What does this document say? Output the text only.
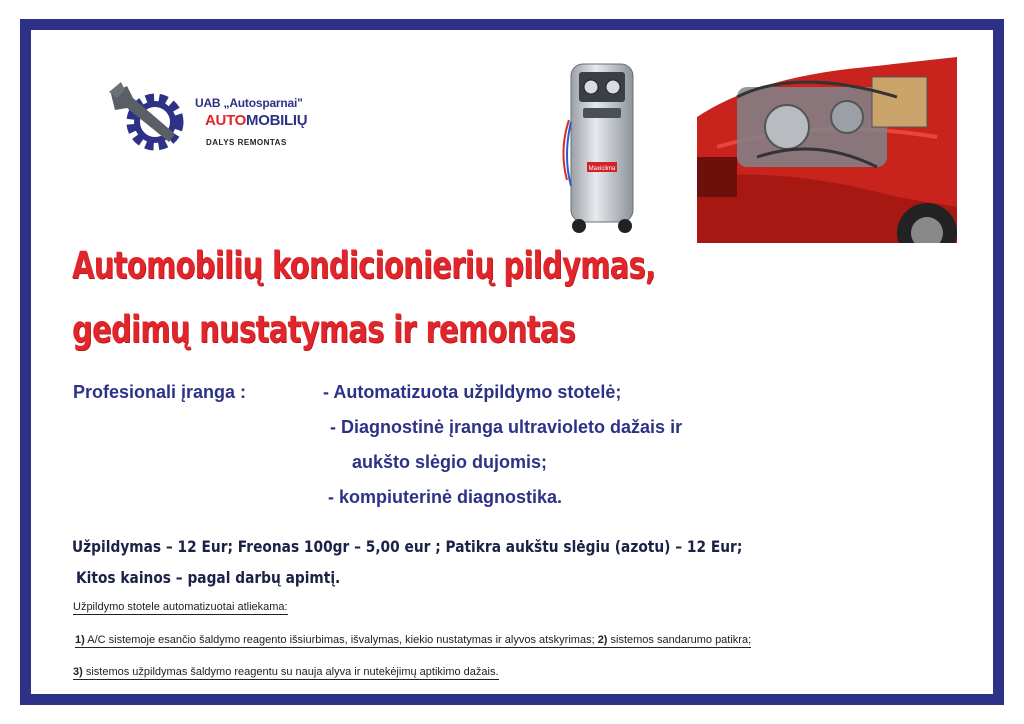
UAB „Autosparnai"
AUTOMOBILIŲ
DALYS REMONTAS
Maxiclima
Automobilių kondicionierių pildymas,
gedimų nustatymas ir remontas
Profesionali įranga :	- Automatizuota užpildymo stotelė;
- Diagnostinė įranga ultravioleto dažais ir
aukšto slėgio dujomis;
- kompiuterinė diagnostika.
Užpildymas – 12 Eur; Freonas 100gr – 5,00 eur ; Patikra aukštu slėgiu (azotu) – 12 Eur;
Kitos kainos – pagal darbų apimtį.
Užpildymo stotele automatizuotai atliekama:
1) A/C sistemoje esančio šaldymo reagento išsiurbimas, išvalymas, kiekio nustatymas ir alyvos atskyrimas; 2) sistemos sandarumo patikra;
3) sistemos užpildymas šaldymo reagentu su nauja alyva ir nutekėjimų aptikimo dažais.
